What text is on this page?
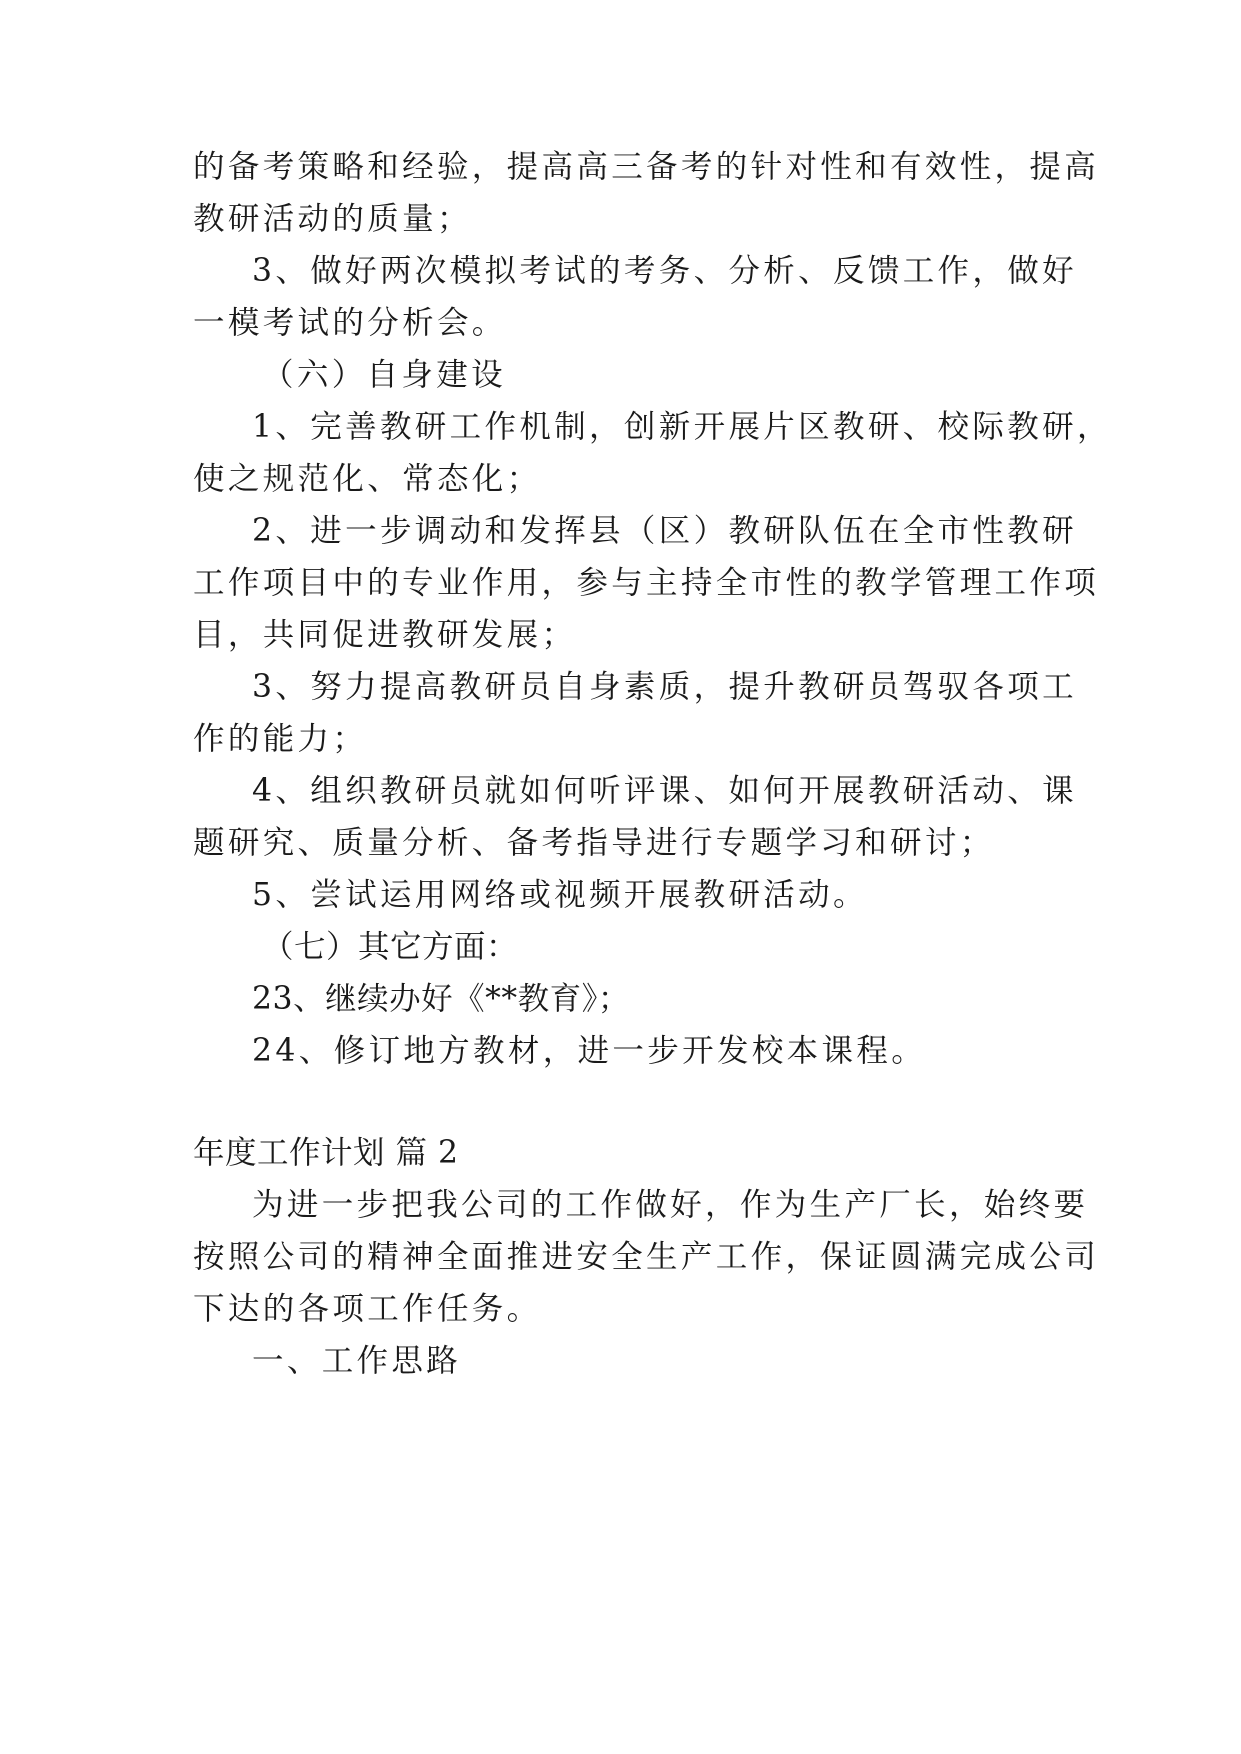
的备考策略和经验，提高高三备考的针对性和有效性，提高
教研活动的质量；
3、做好两次模拟考试的考务、分析、反馈工作，做好
一模考试的分析会。
（六）自身建设
1、完善教研工作机制，创新开展片区教研、校际教研，
使之规范化、常态化；
2、进一步调动和发挥县（区）教研队伍在全市性教研
工作项目中的专业作用，参与主持全市性的教学管理工作项
目，共同促进教研发展；
3、努力提高教研员自身素质，提升教研员驾驭各项工
作的能力；
4、组织教研员就如何听评课、如何开展教研活动、课
题研究、质量分析、备考指导进行专题学习和研讨；
5、尝试运用网络或视频开展教研活动。
（七）其它方面：
23、继续办好《**教育》；
24、修订地方教材，进一步开发校本课程。
年度工作计划 篇 2
为进一步把我公司的工作做好，作为生产厂长，始终要
按照公司的精神全面推进安全生产工作，保证圆满完成公司
下达的各项工作任务。
一、工作思路
